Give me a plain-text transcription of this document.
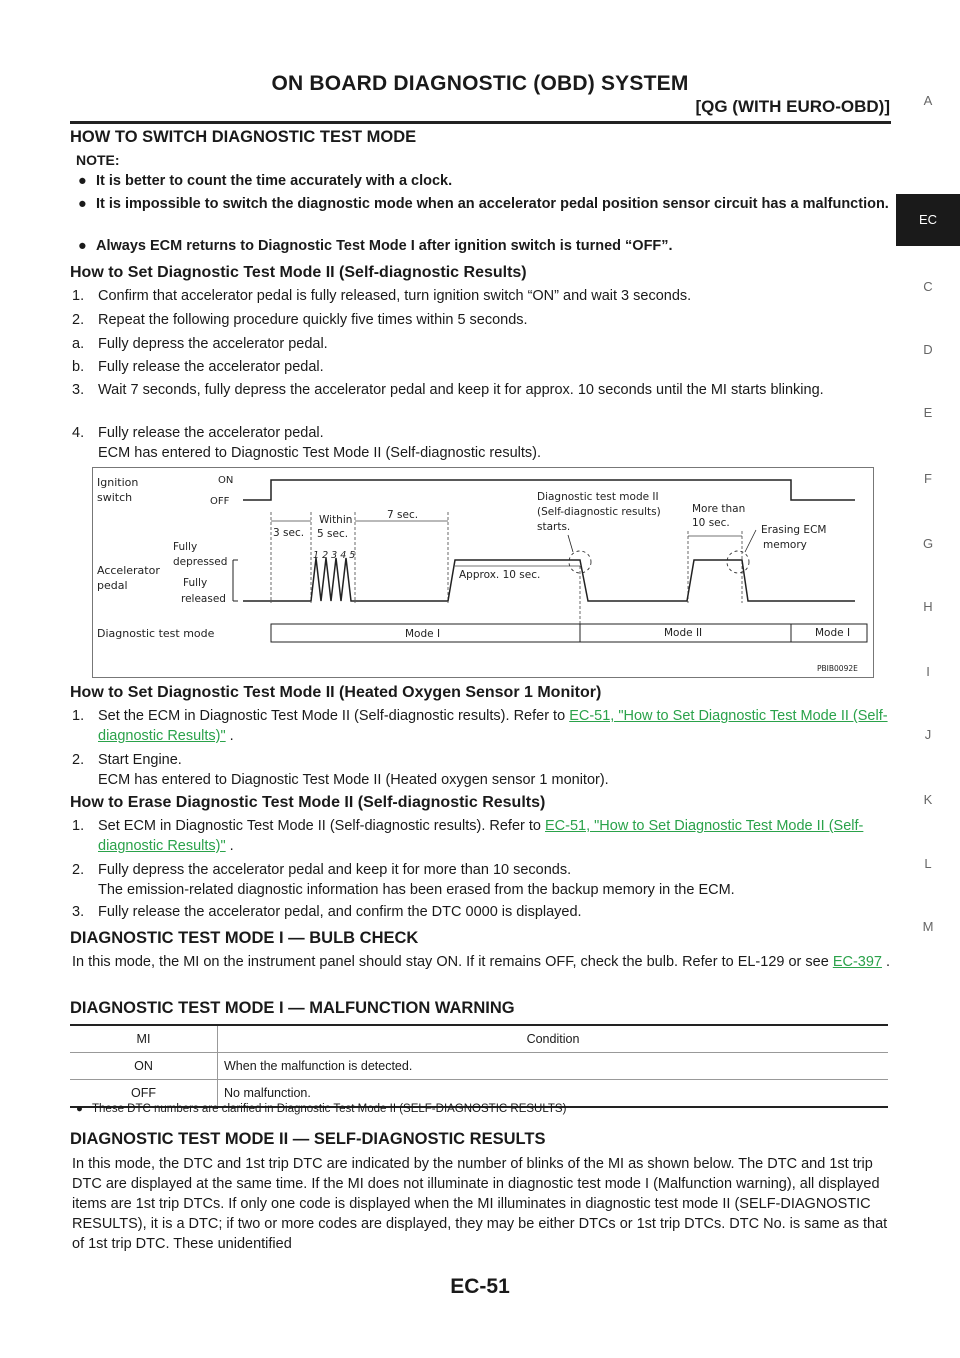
ON BOARD DIAGNOSTIC (OBD) SYSTEM
[QG (WITH EURO-OBD)]	A
EC
C
D
E
F
G
H
I
J
K
L
M
HOW TO SWITCH DIAGNOSTIC TEST MODE
NOTE:
● It is better to count the time accurately with a clock.
● It is impossible to switch the diagnostic mode when an accelerator pedal position sensor circuit has a malfunction.
● Always ECM returns to Diagnostic Test Mode I after ignition switch is turned “OFF”.
How to Set Diagnostic Test Mode II (Self-diagnostic Results)
1. Confirm that accelerator pedal is fully released, turn ignition switch “ON” and wait 3 seconds.
2. Repeat the following procedure quickly five times within 5 seconds.
a. Fully depress the accelerator pedal.
b. Fully release the accelerator pedal.
3. Wait 7 seconds, fully depress the accelerator pedal and keep it for approx. 10 seconds until the MI starts blinking.
4. Fully release the accelerator pedal.
ECM has entered to Diagnostic Test Mode II (Self-diagnostic results).
Ignition
switch
ON
OFF
3 sec.
Within
5 sec.
7 sec.
Diagnostic test mode II
(Self-diagnostic results)
starts.
More than
10 sec.
Erasing ECM
memory
Fully
depressed
Accelerator
pedal	Fully
released
1 2 3 4 5
Approx. 10 sec.
Diagnostic test mode	Mode I	Mode II	Mode I
PBIB0092E
How to Set Diagnostic Test Mode II (Heated Oxygen Sensor 1 Monitor)
1. Set the ECM in Diagnostic Test Mode II (Self-diagnostic results). Refer to EC-51, "How to Set Diagnostic Test Mode II (Self-diagnostic Results)" .
2. Start Engine.
ECM has entered to Diagnostic Test Mode II (Heated oxygen sensor 1 monitor).
How to Erase Diagnostic Test Mode II (Self-diagnostic Results)
1. Set ECM in Diagnostic Test Mode II (Self-diagnostic results). Refer to EC-51, "How to Set Diagnostic Test Mode II (Self-diagnostic Results)" .
2. Fully depress the accelerator pedal and keep it for more than 10 seconds.
The emission-related diagnostic information has been erased from the backup memory in the ECM.
3. Fully release the accelerator pedal, and confirm the DTC 0000 is displayed.
DIAGNOSTIC TEST MODE I — BULB CHECK
In this mode, the MI on the instrument panel should stay ON. If it remains OFF, check the bulb. Refer to EL-129 or see EC-397 .
DIAGNOSTIC TEST MODE I — MALFUNCTION WARNING
MI	Condition
ON	When the malfunction is detected.
OFF	No malfunction.
● These DTC numbers are clarified in Diagnostic Test Mode II (SELF-DIAGNOSTIC RESULTS)
DIAGNOSTIC TEST MODE II — SELF-DIAGNOSTIC RESULTS
In this mode, the DTC and 1st trip DTC are indicated by the number of blinks of the MI as shown below. The DTC and 1st trip DTC are displayed at the same time. If the MI does not illuminate in diagnostic test mode I (Malfunction warning), all displayed items are 1st trip DTCs. If only one code is displayed when the MI illuminates in diagnostic test mode II (SELF-DIAGNOSTIC RESULTS), it is a DTC; if two or more codes are displayed, they may be either DTCs or 1st trip DTCs. DTC No. is same as that of 1st trip DTC. These unidentified
EC-51
